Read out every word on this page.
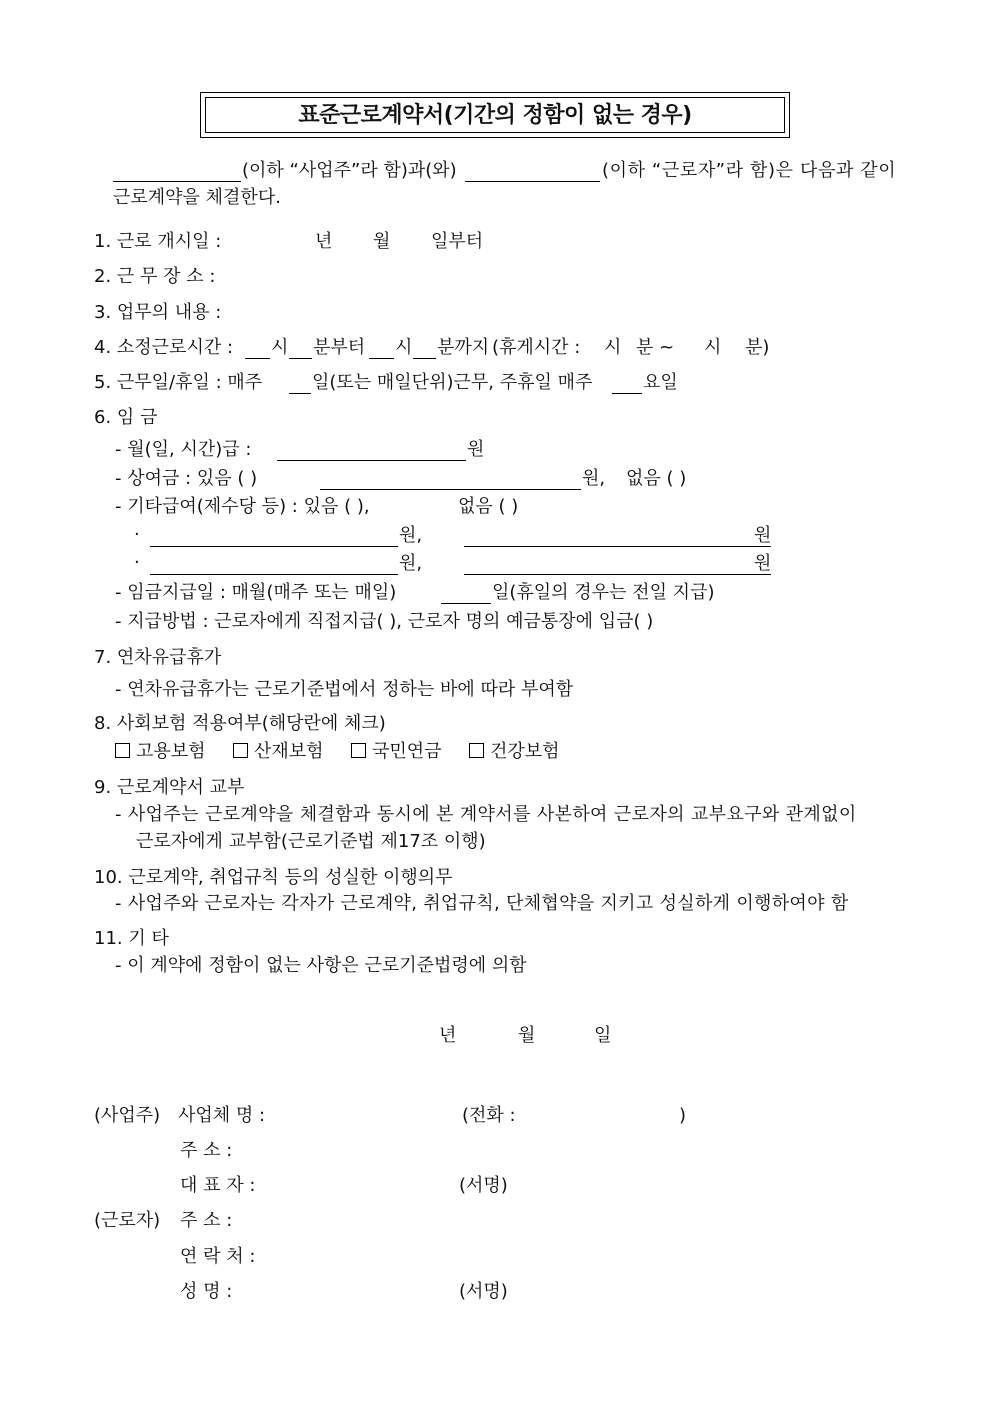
표준근로계약서(기간의 정함이 없는 경우)
(이하 “사업주”라 함)과(와)	(이하 “근로자”라 함)은 다음과 같이
근로계약을 체결한다.
1. 근로 개시일 :	년 월 일부터
2. 근 무 장 소 :
3. 업무의 내용 :
4. 소정근로시간 : 시 분부터 시 분까지 (휴게시간 : 시 분 ~ 시 분)
5. 근무일/휴일 : 매주	일(또는 매일단위)근무, 주휴일 매주	요일
6. 임 금
- 월(일, 시간)급 :	원
- 상여금 : 있음 ( )	원, 없음 ( )
- 기타급여(제수당 등) : 있음 ( ),	없음 ( )
·	원,	원
·	원,	원
- 임금지급일 : 매월(매주 또는 매일)	일(휴일의 경우는 전일 지급)
- 지급방법 : 근로자에게 직접지급( ), 근로자 명의 예금통장에 입금( )
7. 연차유급휴가
- 연차유급휴가는 근로기준법에서 정하는 바에 따라 부여함
8. 사회보험 적용여부(해당란에 체크)
고용보험	산재보험	국민연금	건강보험
9. 근로계약서 교부
- 사업주는 근로계약을 체결함과 동시에 본 계약서를 사본하여 근로자의 교부요구와 관계없이
근로자에게 교부함(근로기준법 제17조 이행)
10. 근로계약, 취업규칙 등의 성실한 이행의무
- 사업주와 근로자는 각자가 근로계약, 취업규칙, 단체협약을 지키고 성실하게 이행하여야 함
11. 기 타
- 이 계약에 정함이 없는 사항은 근로기준법령에 의함
년	월	일
(사업주) 사업체 명 :	(전화 :	)
주 소 :
대 표 자 :	(서명)
(근로자) 주 소 :
연 락 처 :
성 명 :	(서명)
